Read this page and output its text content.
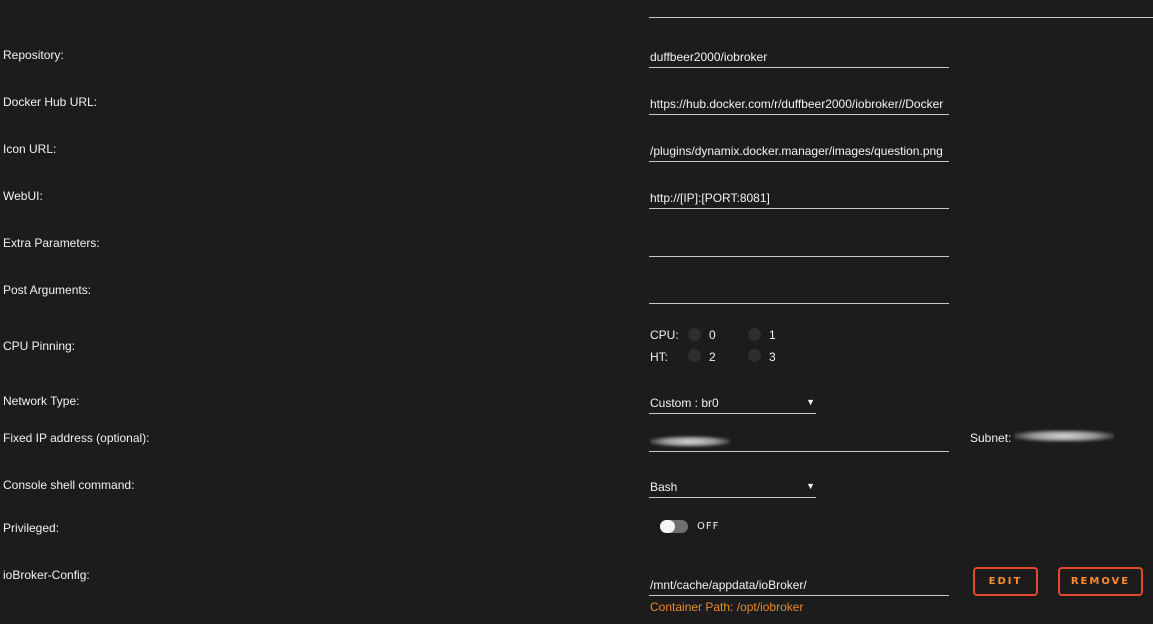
Repository:	duffbeer2000/iobroker
Docker Hub URL:	https://hub.docker.com/r/duffbeer2000/iobroker//Docker
Icon URL:	/plugins/dynamix.docker.manager/images/question.png
WebUI:	http://[IP]:[PORT:8081]
Extra Parameters:
Post Arguments:
CPU Pinning:
CPU:	0	1
HT:	2	3
Network Type:	Custom : br0	▼
Fixed IP address (optional):	Subnet:
Console shell command:	Bash	▼
Privileged:	OFF
ioBroker-Config:
/mnt/cache/appdata/ioBroker/	EDIT	REMOVE
Container Path: /opt/iobroker
